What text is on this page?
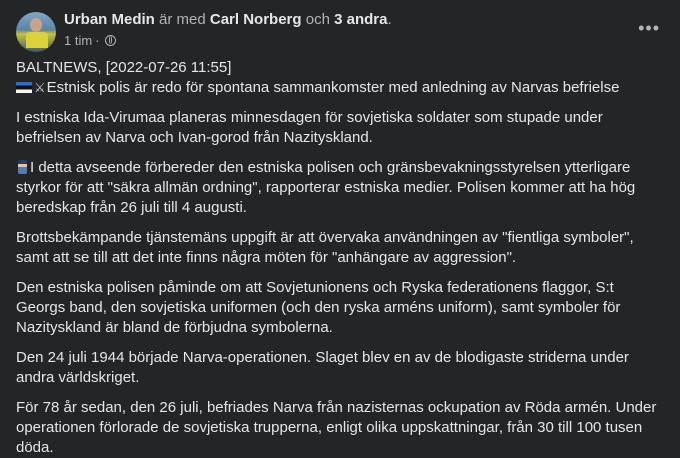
Urban Medin är med Carl Norberg och 3 andra.
1 tim ·
•••
BALTNEWS, [2022-07-26 11:55]

⚔Estnisk polis är redo för spontana sammankomster med anledning av Narvas befrielse

I estniska Ida-Virumaa planeras minnesdagen för sovjetiska soldater som stupade under befrielsen av Narva och Ivan-gorod från Nazityskland.

I detta avseende förbereder den estniska polisen och gränsbevakningsstyrelsen ytterligare styrkor för att "säkra allmän ordning", rapporterar estniska medier. Polisen kommer att ha hög beredskap från 26 juli till 4 augusti.

Brottsbekämpande tjänstemäns uppgift är att övervaka användningen av "fientliga symboler", samt att se till att det inte finns några möten för "anhängare av aggression".

Den estniska polisen påminde om att Sovjetunionens och Ryska federationens flaggor, S:t Georgs band, den sovjetiska uniformen (och den ryska arméns uniform), samt symboler för Nazityskland är bland de förbjudna symbolerna.

Den 24 juli 1944 började Narva-operationen. Slaget blev en av de blodigaste striderna under andra världskriget.

För 78 år sedan, den 26 juli, befriades Narva från nazisternas ockupation av Röda armén. Under operationen förlorade de sovjetiska trupperna, enligt olika uppskattningar, från 30 till 100 tusen döda.
